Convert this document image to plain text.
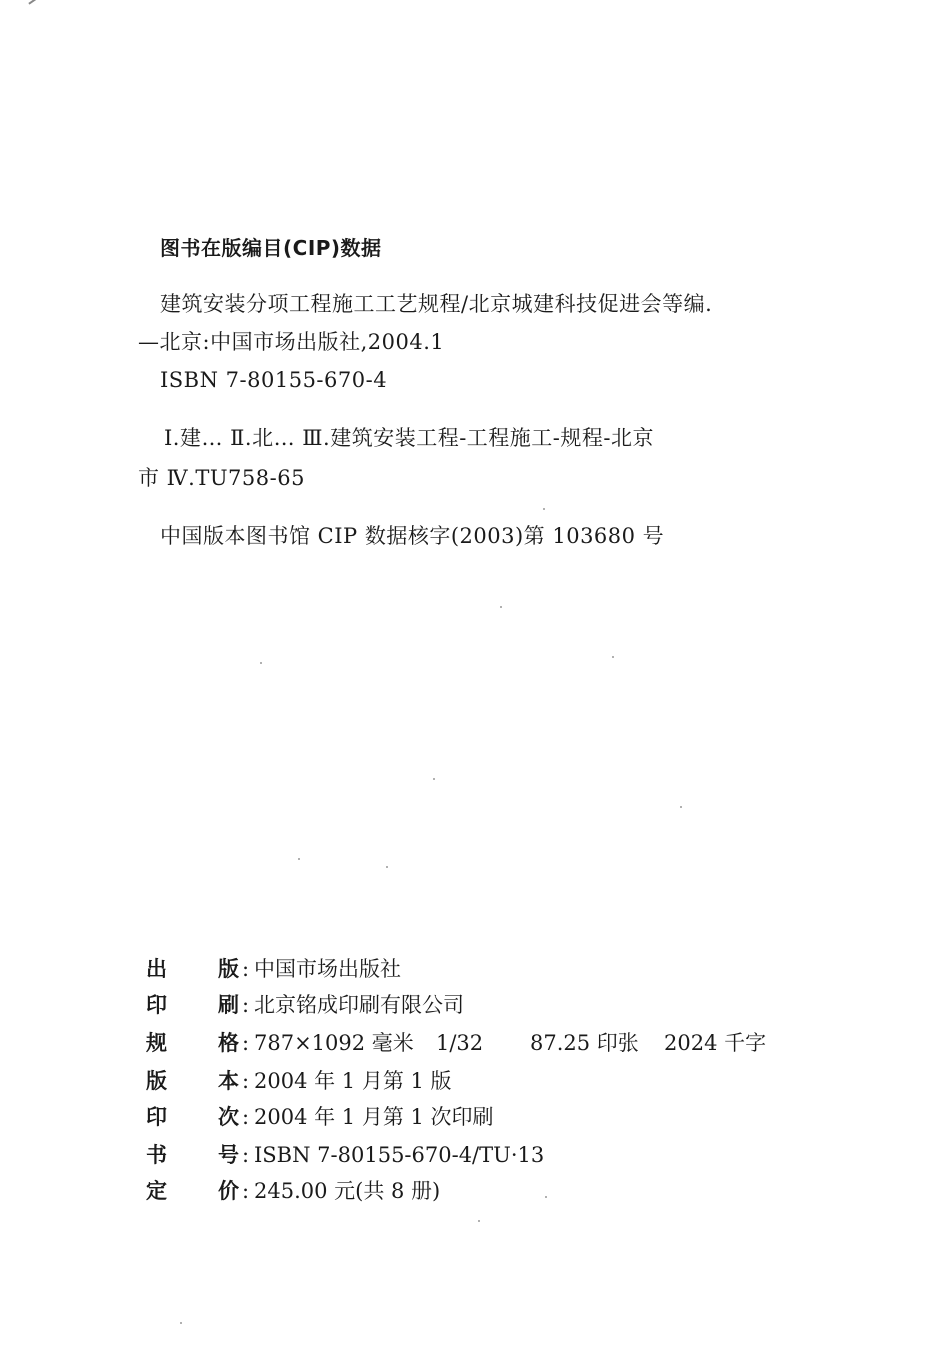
图书在版编目(CIP)数据
建筑安装分项工程施工工艺规程/北京城建科技促进会等编.
—北京:中国市场出版社,2004.1
ISBN 7-80155-670-4
Ⅰ.建… Ⅱ.北… Ⅲ.建筑安装工程-工程施工-规程-北京
市 Ⅳ.TU758-65
中国版本图书馆 CIP 数据核字(2003)第 103680 号
出 版 : 中国市场出版社
印 刷 : 北京铭成印刷有限公司
规 格 : 787×1092 毫米 1/32 87.25 印张 2024 千字
版 本 : 2004 年 1 月第 1 版
印 次 : 2004 年 1 月第 1 次印刷
书 号 : ISBN 7-80155-670-4/TU·13
定 价 : 245.00 元(共 8 册)
